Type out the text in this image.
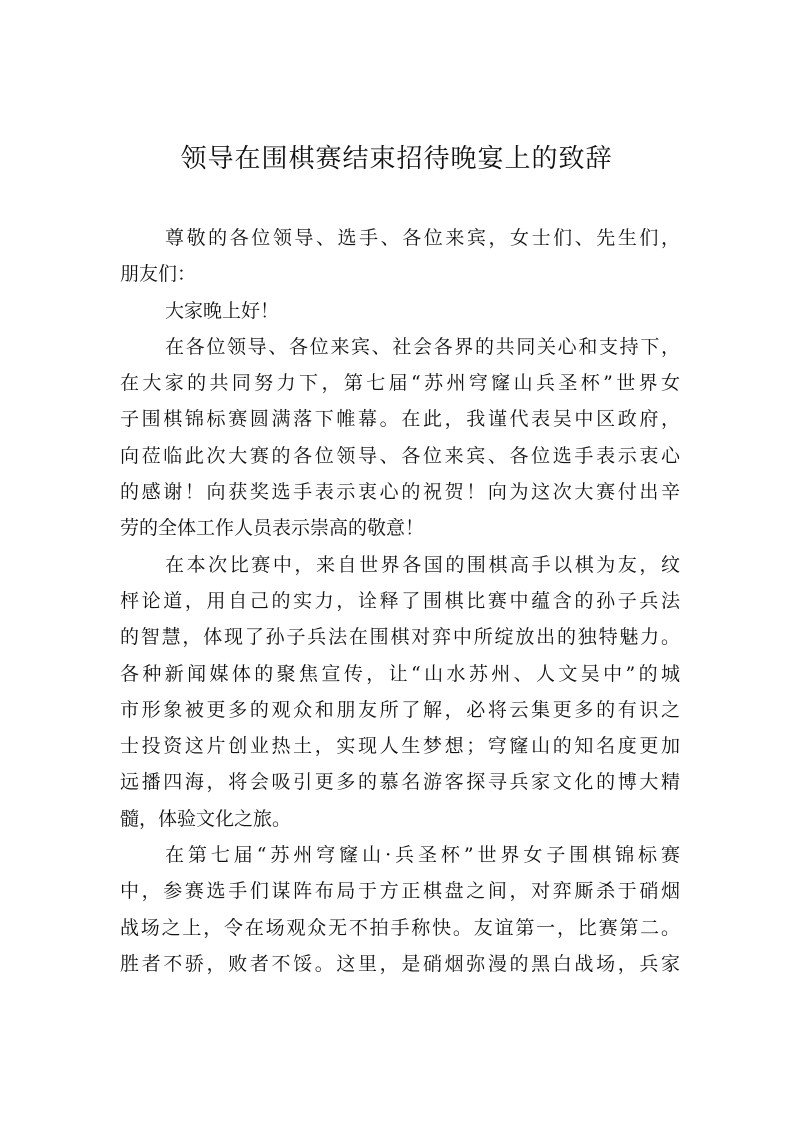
领导在围棋赛结束招待晚宴上的致辞
尊敬的各位领导、选手、各位来宾，女士们、先生们，
朋友们：
大家晚上好！
在各位领导、各位来宾、社会各界的共同关心和支持下，
在大家的共同努力下，第七届“苏州穹窿山兵圣杯”世界女
子围棋锦标赛圆满落下帷幕。在此，我谨代表吴中区政府，
向莅临此次大赛的各位领导、各位来宾、各位选手表示衷心
的感谢！向获奖选手表示衷心的祝贺！向为这次大赛付出辛
劳的全体工作人员表示崇高的敬意！
在本次比赛中，来自世界各国的围棋高手以棋为友，纹
枰论道，用自己的实力，诠释了围棋比赛中蕴含的孙子兵法
的智慧，体现了孙子兵法在围棋对弈中所绽放出的独特魅力。
各种新闻媒体的聚焦宣传，让“山水苏州、人文吴中”的城
市形象被更多的观众和朋友所了解，必将云集更多的有识之
士投资这片创业热土，实现人生梦想；穹窿山的知名度更加
远播四海，将会吸引更多的慕名游客探寻兵家文化的博大精
髓，体验文化之旅。
在第七届“苏州穹窿山·兵圣杯”世界女子围棋锦标赛
中，参赛选手们谋阵布局于方正棋盘之间，对弈厮杀于硝烟
战场之上，令在场观众无不拍手称快。友谊第一，比赛第二。
胜者不骄，败者不馁。这里，是硝烟弥漫的黑白战场，兵家
